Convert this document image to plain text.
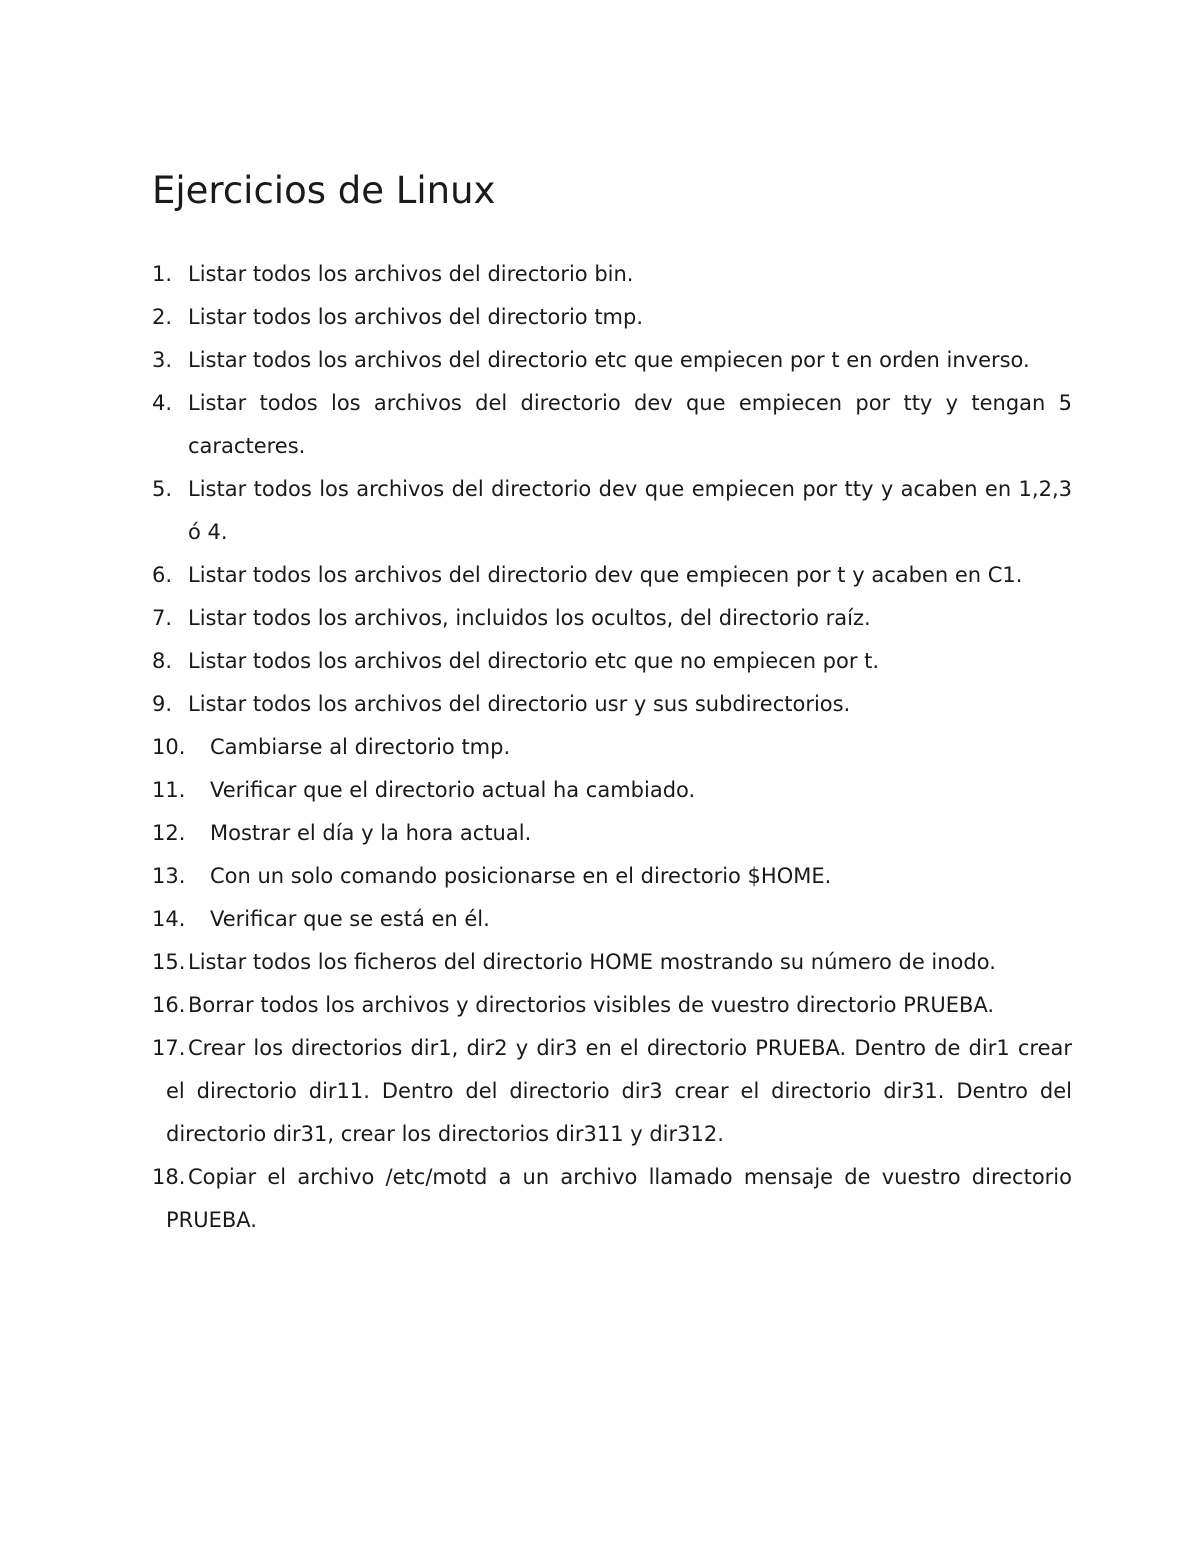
Ejercicios de Linux
1. Listar todos los archivos del directorio bin.
2. Listar todos los archivos del directorio tmp.
3. Listar todos los archivos del directorio etc que empiecen por t en orden inverso.
4. Listar todos los archivos del directorio dev que empiecen por tty y tengan 5 caracteres.
5. Listar todos los archivos del directorio dev que empiecen por tty y acaben en 1,2,3 ó 4.
6. Listar todos los archivos del directorio dev que empiecen por t y acaben en C1.
7. Listar todos los archivos, incluidos los ocultos, del directorio raíz.
8. Listar todos los archivos del directorio etc que no empiecen por t.
9. Listar todos los archivos del directorio usr y sus subdirectorios.
10.	Cambiarse al directorio tmp.
11.	Verificar que el directorio actual ha cambiado.
12.	Mostrar el día y la hora actual.
13.	Con un solo comando posicionarse en el directorio $HOME.
14.	Verificar que se está en él.
15. Listar todos los ficheros del directorio HOME mostrando su número de inodo.
16. Borrar todos los archivos y directorios visibles de vuestro directorio PRUEBA.
17. Crear los directorios dir1, dir2 y dir3 en el directorio PRUEBA. Dentro de dir1 crear el directorio dir11. Dentro del directorio dir3 crear el directorio dir31. Dentro del directorio dir31, crear los directorios dir311 y dir312.
18. Copiar el archivo /etc/motd a un archivo llamado mensaje de vuestro directorio PRUEBA.
